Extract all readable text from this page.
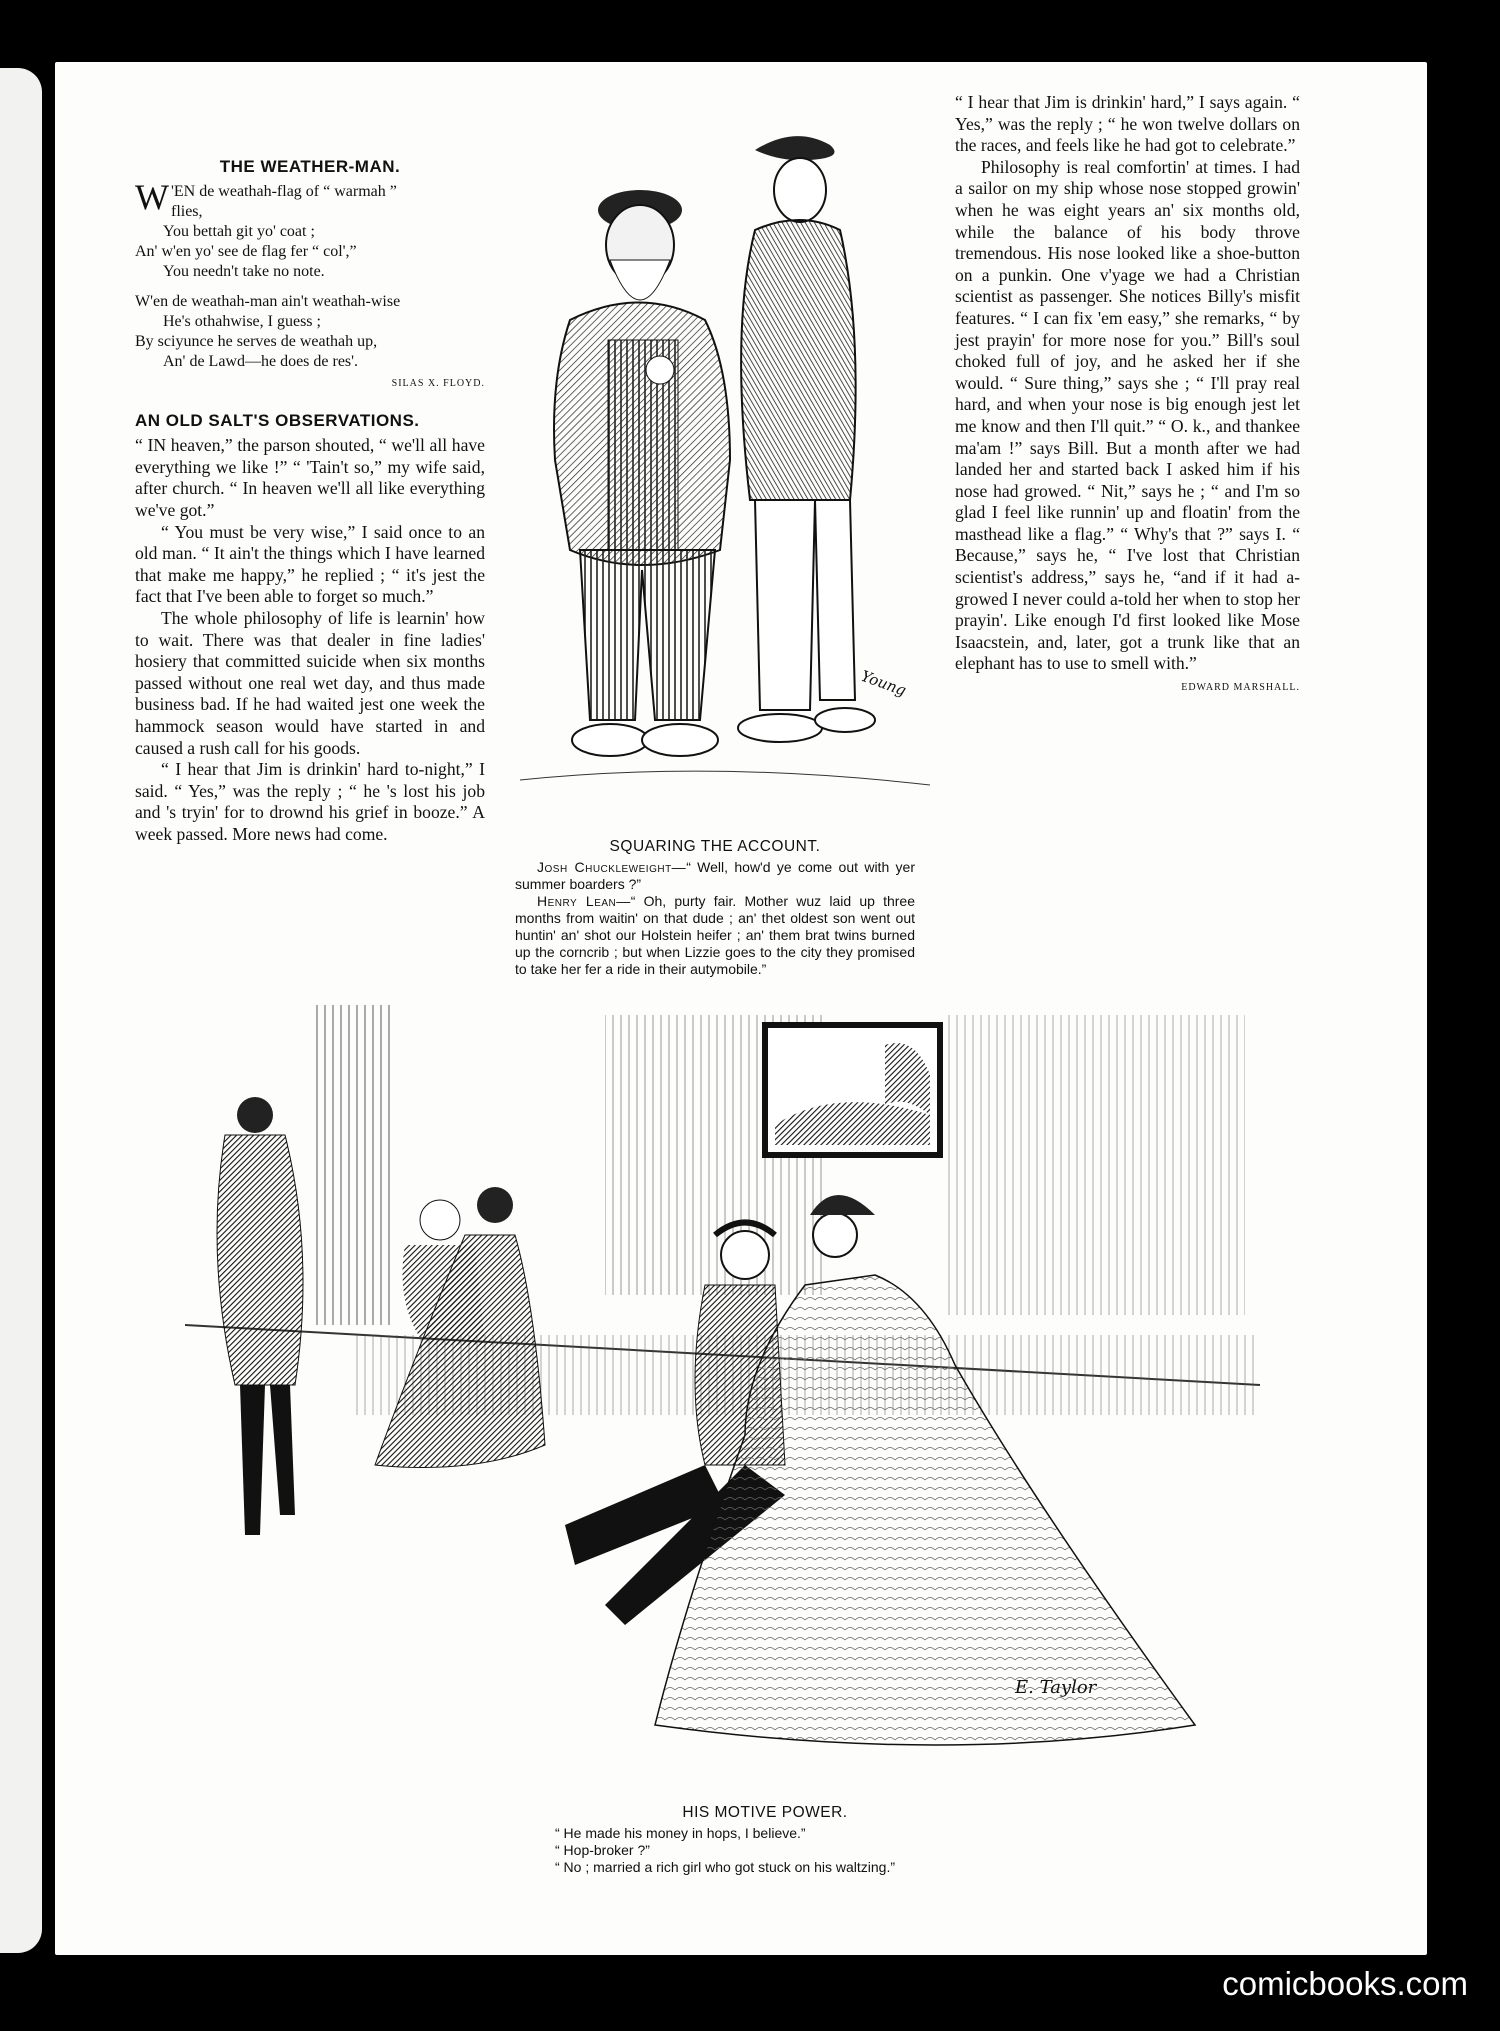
THE WEATHER-MAN.
W 'EN de weathah-flag of “ warmah ”
flies,
You bettah git yo' coat ;
An' w'en yo' see de flag fer “ col',”
You needn't take no note.
W'en de weathah-man ain't weathah-wise
He's othahwise, I guess ;
By sciyunce he serves de weathah up,
An' de Lawd—he does de res'.
SILAS X. FLOYD.
AN OLD SALT'S OBSERVATIONS.

“ IN heaven,” the parson shouted, “ we'll all have everything we like !” “ 'Tain't so,” my wife said, after church. “ In heaven we'll all like everything we've got.”

“ You must be very wise,” I said once to an old man. “ It ain't the things which I have learned that make me happy,” he replied ; “ it's jest the fact that I've been able to forget so much.”

The whole philosophy of life is learnin' how to wait. There was that dealer in fine ladies' hosiery that committed suicide when six months passed without one real wet day, and thus made business bad. If he had waited jest one week the hammock season would have started in and caused a rush call for his goods.

“ I hear that Jim is drinkin' hard to-night,” I said. “ Yes,” was the reply ; “ he 's lost his job and 's tryin' for to drownd his grief in booze.” A week passed. More news had come.

Young
SQUARING THE ACCOUNT.
Josh Chuckleweight—“ Well, how'd ye come out with yer summer boarders ?”
Henry Lean—“ Oh, purty fair. Mother wuz laid up three months from waitin' on that dude ; an' thet oldest son went out huntin' an' shot our Holstein heifer ; an' them brat twins burned up the corncrib ; but when Lizzie goes to the city they promised to take her fer a ride in their autymobile.”

“ I hear that Jim is drinkin' hard,” I says again. “ Yes,” was the reply ; “ he won twelve dollars on the races, and feels like he had got to celebrate.”

Philosophy is real comfortin' at times. I had a sailor on my ship whose nose stopped growin' when he was eight years an' six months old, while the balance of his body throve tremendous. His nose looked like a shoe-button on a punkin. One v'yage we had a Christian scientist as passenger. She notices Billy's misfit features. “ I can fix 'em easy,” she remarks, “ by jest prayin' for more nose for you.” Bill's soul choked full of joy, and he asked her if she would. “ Sure thing,” says she ; “ I'll pray real hard, and when your nose is big enough jest let me know and then I'll quit.” “ O. k., and thankee ma'am !” says Bill. But a month after we had landed her and started back I asked him if his nose had growed. “ Nit,” says he ; “ and I'm so glad I feel like runnin' up and floatin' from the masthead like a flag.” “ Why's that ?” says I. “ Because,” says he, “ I've lost that Christian scientist's address,” says he, “and if it had a-growed I never could a-told her when to stop her prayin'. Like enough I'd first looked like Mose Isaacstein, and, later, got a trunk like that an elephant has to use to smell with.”

EDWARD MARSHALL.
E. Taylor
HIS MOTIVE POWER.
“ He made his money in hops, I believe.”
“ Hop-broker ?”
“ No ; married a rich girl who got stuck on his waltzing.”
comicbooks.com
